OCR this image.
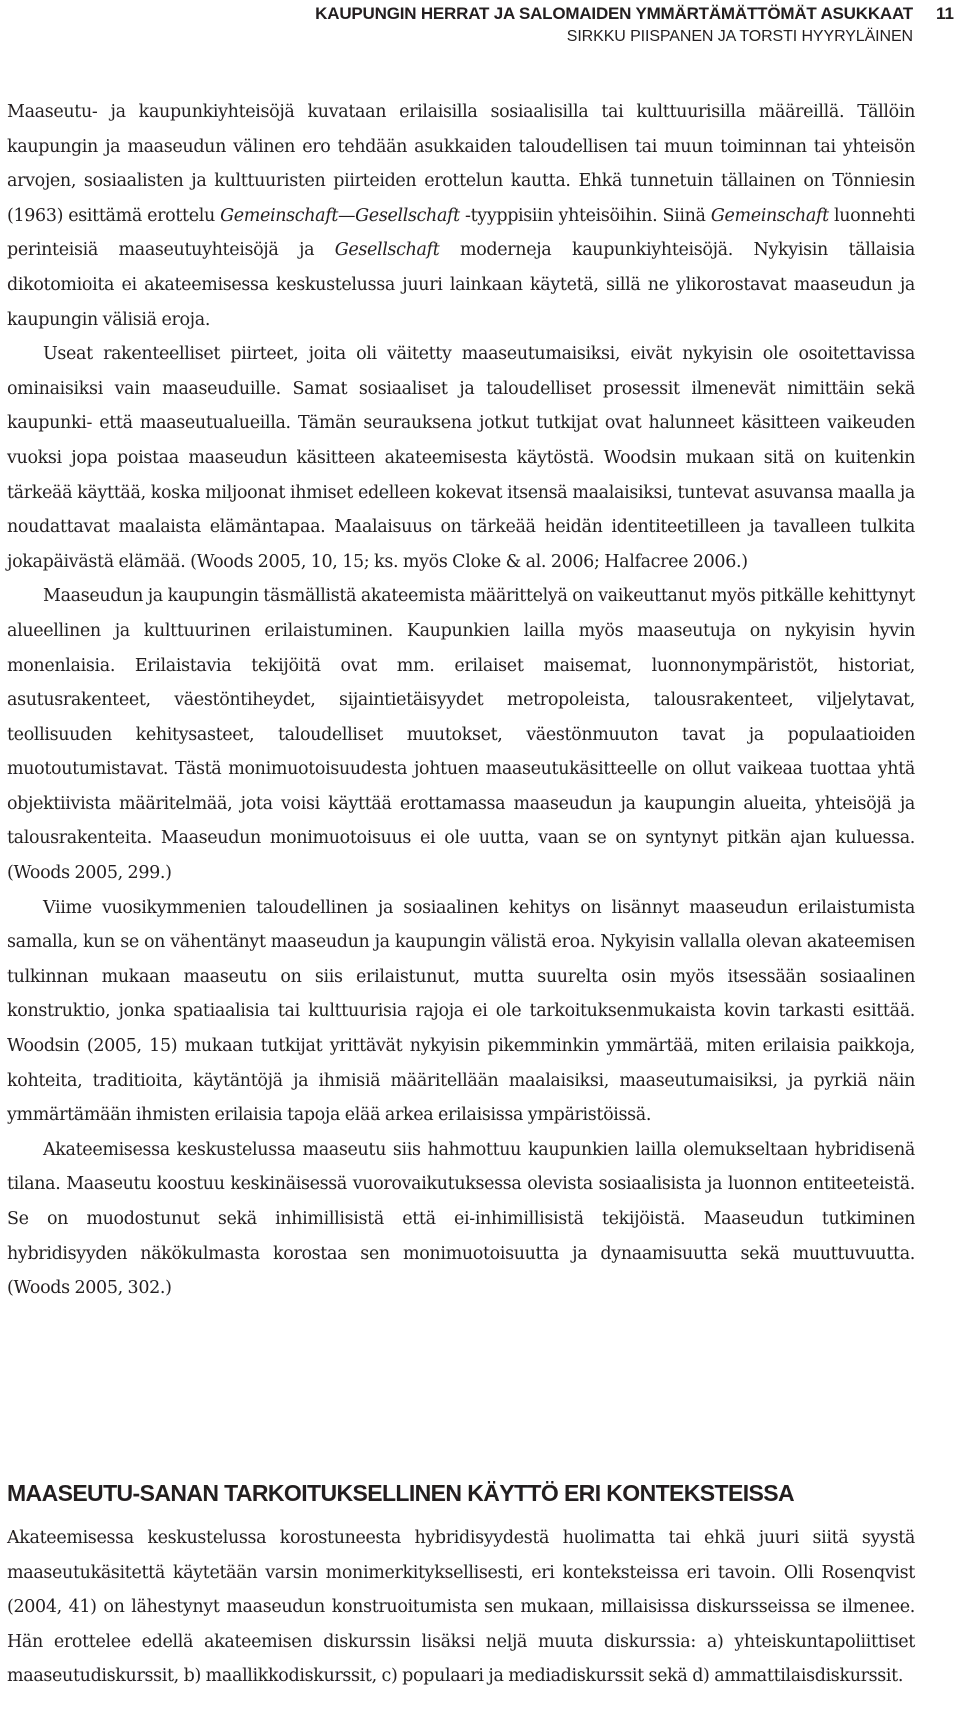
KAUPUNGIN HERRAT JA SALOMAIDEN YMMÄRTÄMÄTTÖMÄT ASUKKAAT
SIRKKU PIISPANEN JA TORSTI HYYRYLÄINEN
11

Maaseutu- ja kaupunkiyhteisöjä kuvataan erilaisilla sosiaalisilla tai kulttuurisilla määreillä. Tällöin kaupungin ja maaseudun välinen ero tehdään asukkaiden taloudellisen tai muun toiminnan tai yhteisön arvojen, sosiaalisten ja kulttuuristen piirteiden erottelun kautta. Ehkä tunnetuin tällainen on Tönniesin (1963) esittämä erottelu Gemeinschaft—Gesellschaft -tyyppisiin yhteisöihin. Siinä Gemeinschaft luonnehti perinteisiä maaseutuyhteisöjä ja Gesellschaft moderneja kaupunkiyhteisöjä. Nykyisin tällaisia dikotomioita ei akateemisessa keskustelussa juuri lainkaan käytetä, sillä ne ylikorostavat maaseudun ja kaupungin välisiä eroja.

Useat rakenteelliset piirteet, joita oli väitetty maaseutumaisiksi, eivät nykyisin ole osoitettavissa ominaisiksi vain maaseuduille. Samat sosiaaliset ja taloudelliset prosessit ilmenevät nimittäin sekä kaupunki- että maaseutualueilla. Tämän seurauksena jotkut tutkijat ovat halunneet käsitteen vaikeuden vuoksi jopa poistaa maaseudun käsitteen akateemisesta käytöstä. Woodsin mukaan sitä on kuitenkin tärkeää käyttää, koska miljoonat ihmiset edelleen kokevat itsensä maalaisiksi, tuntevat asuvansa maalla ja noudattavat maalaista elämäntapaa. Maalaisuus on tärkeää heidän identiteetilleen ja tavalleen tulkita jokapäivästä elämää. (Woods 2005, 10, 15; ks. myös Cloke & al. 2006; Halfacree 2006.)

Maaseudun ja kaupungin täsmällistä akateemista määrittelyä on vaikeuttanut myös pitkälle kehittynyt alueellinen ja kulttuurinen erilaistuminen. Kaupunkien lailla myös maaseutuja on nykyisin hyvin monenlaisia. Erilaistavia tekijöitä ovat mm. erilaiset maisemat, luonnonympäristöt, historiat, asutusrakenteet, väestöntiheydet, sijaintietäisyydet metropoleista, talousrakenteet, viljelytavat, teollisuuden kehitysasteet, taloudelliset muutokset, väestönmuuton tavat ja populaatioiden muotoutumistavat. Tästä monimuotoisuudesta johtuen maaseutukäsitteelle on ollut vaikeaa tuottaa yhtä objektiivista määritelmää, jota voisi käyttää erottamassa maaseudun ja kaupungin alueita, yhteisöjä ja talousrakenteita. Maaseudun monimuotoisuus ei ole uutta, vaan se on syntynyt pitkän ajan kuluessa. (Woods 2005, 299.)

Viime vuosikymmenien taloudellinen ja sosiaalinen kehitys on lisännyt maaseudun erilaistumista samalla, kun se on vähentänyt maaseudun ja kaupungin välistä eroa. Nykyisin vallalla olevan akateemisen tulkinnan mukaan maaseutu on siis erilaistunut, mutta suurelta osin myös itsessään sosiaalinen konstruktio, jonka spatiaalisia tai kulttuurisia rajoja ei ole tarkoituksenmukaista kovin tarkasti esittää. Woodsin (2005, 15) mukaan tutkijat yrittävät nykyisin pikemminkin ymmärtää, miten erilaisia paikkoja, kohteita, traditioita, käytäntöjä ja ihmisiä määritellään maalaisiksi, maaseutumaisiksi, ja pyrkiä näin ymmärtämään ihmisten erilaisia tapoja elää arkea erilaisissa ympäristöissä.

Akateemisessa keskustelussa maaseutu siis hahmottuu kaupunkien lailla olemukseltaan hybridisenä tilana. Maaseutu koostuu keskinäisessä vuorovaikutuksessa olevista sosiaalisista ja luonnon entiteeteistä. Se on muodostunut sekä inhimillisistä että ei-inhimillisistä tekijöistä. Maaseudun tutkiminen hybridisyyden näkökulmasta korostaa sen monimuotoisuutta ja dynaamisuutta sekä muuttuvuutta. (Woods 2005, 302.)

MAASEUTU-SANAN TARKOITUKSELLINEN KÄYTTÖ ERI KONTEKSTEISSA

Akateemisessa keskustelussa korostuneesta hybridisyydestä huolimatta tai ehkä juuri siitä syystä maaseutukäsitettä käytetään varsin monimerkityksellisesti, eri konteksteissa eri tavoin. Olli Rosenqvist (2004, 41) on lähestynyt maaseudun konstruoitumista sen mukaan, millaisissa diskursseissa se ilmenee. Hän erottelee edellä akateemisen diskurssin lisäksi neljä muuta diskurssia: a) yhteiskuntapoliittiset maaseutudiskurssit, b) maallikkodiskurssit, c) populaari ja mediadiskurssit sekä d) ammattilaisdiskurssit.
